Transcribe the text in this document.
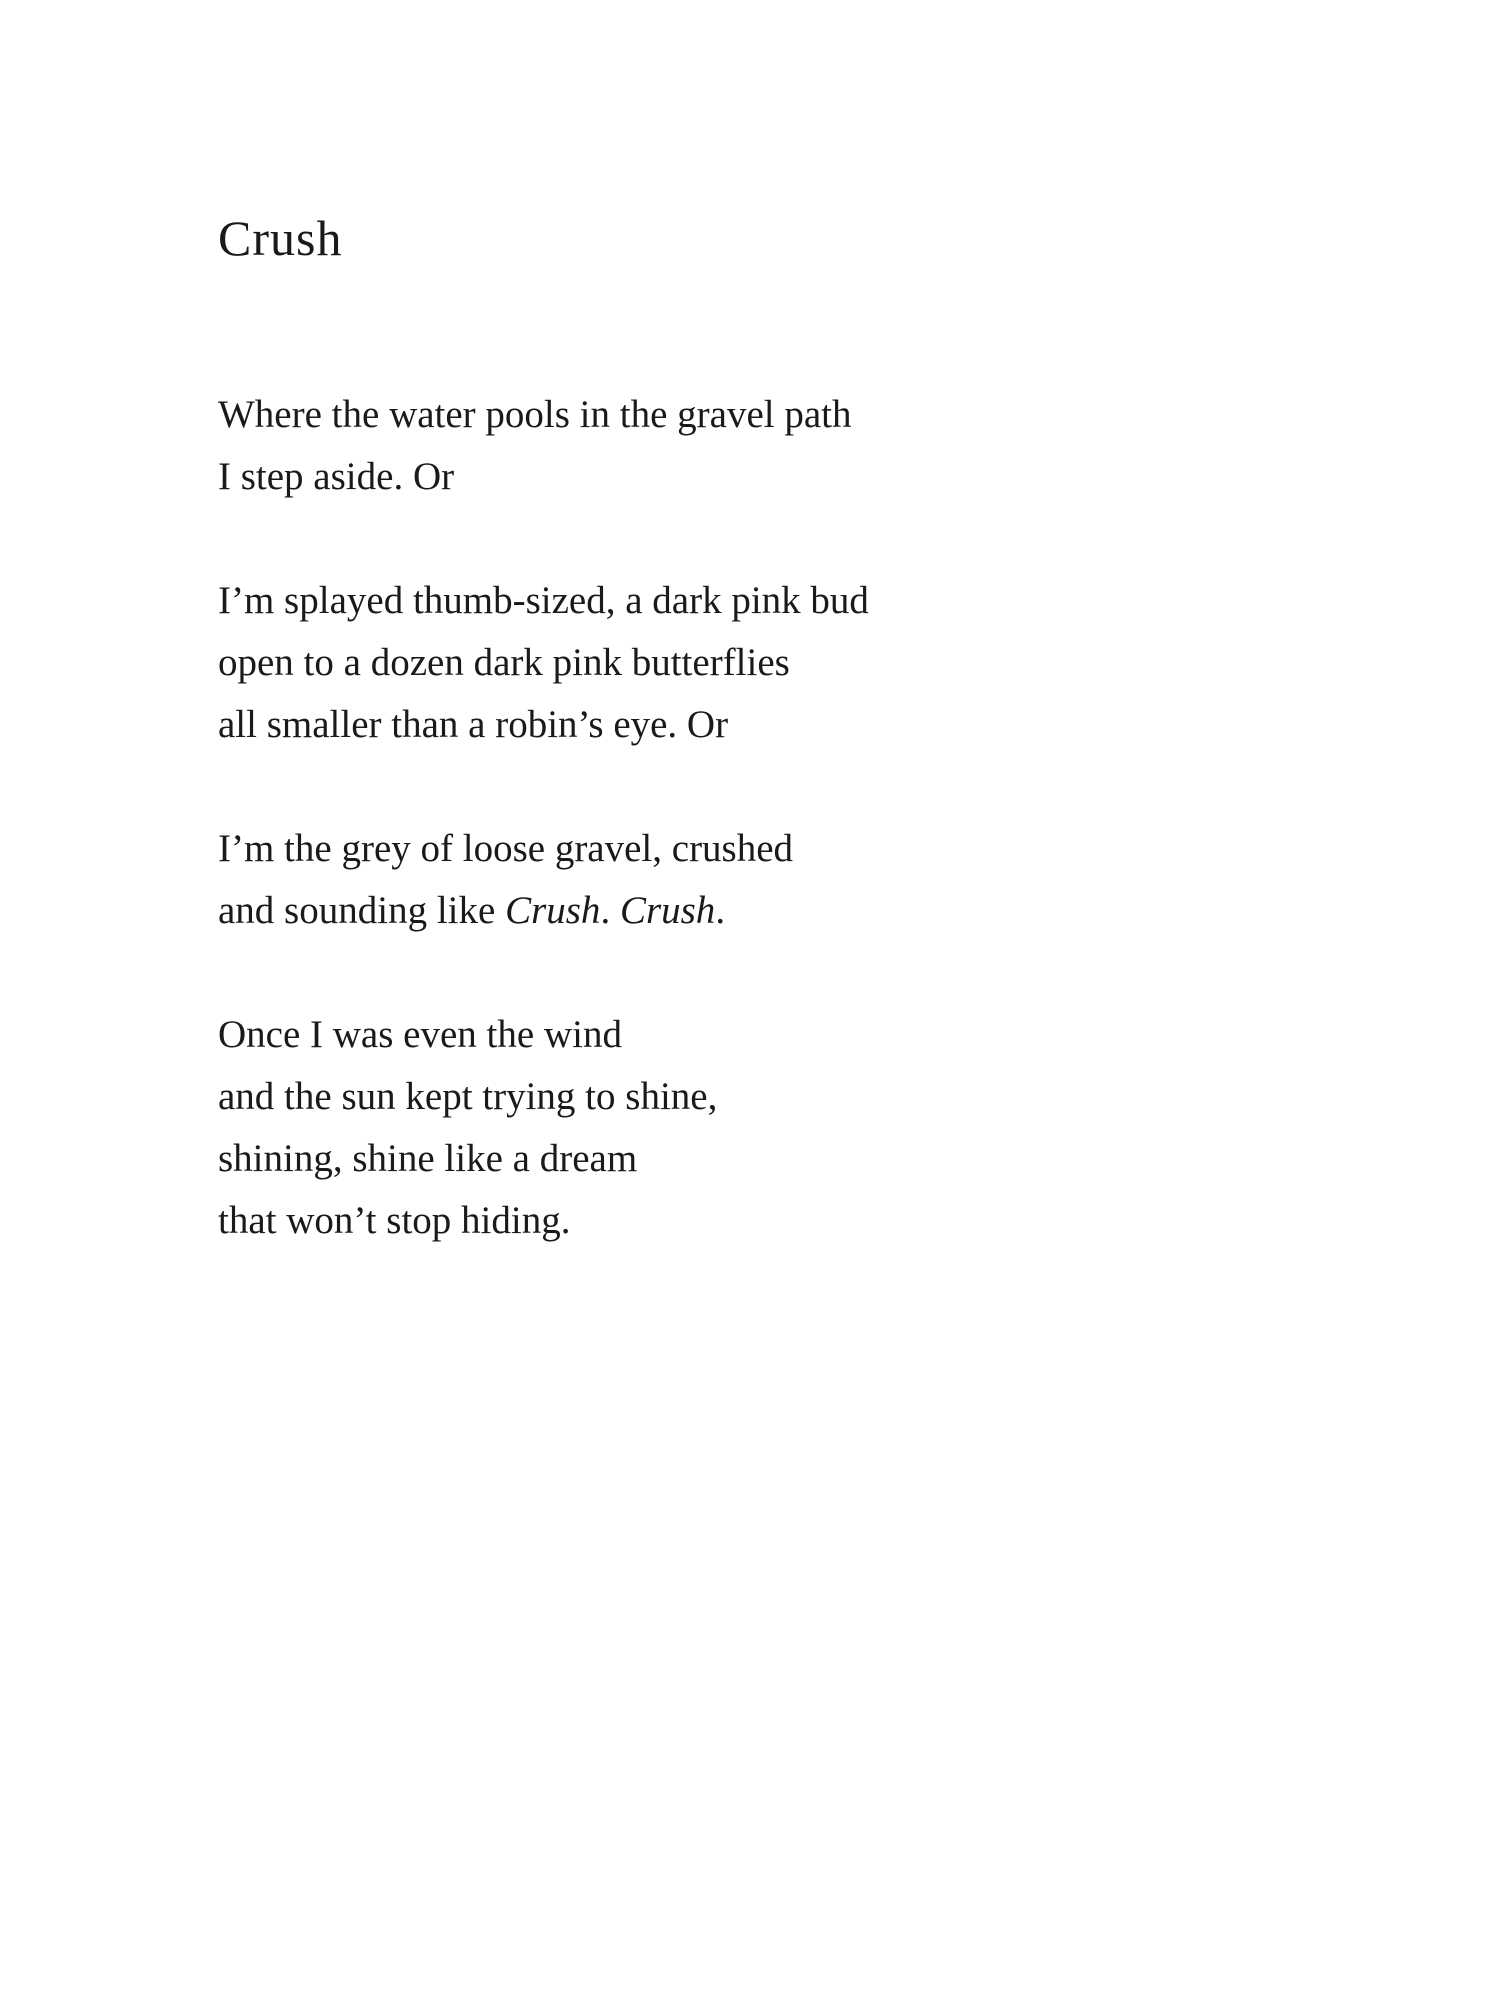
Crush
Where the water pools in the gravel path
I step aside. Or
I’m splayed thumb-sized, a dark pink bud
open to a dozen dark pink butterflies
all smaller than a robin’s eye. Or
I’m the grey of loose gravel, crushed
and sounding like Crush. Crush.
Once I was even the wind
and the sun kept trying to shine,
shining, shine like a dream
that won’t stop hiding.
